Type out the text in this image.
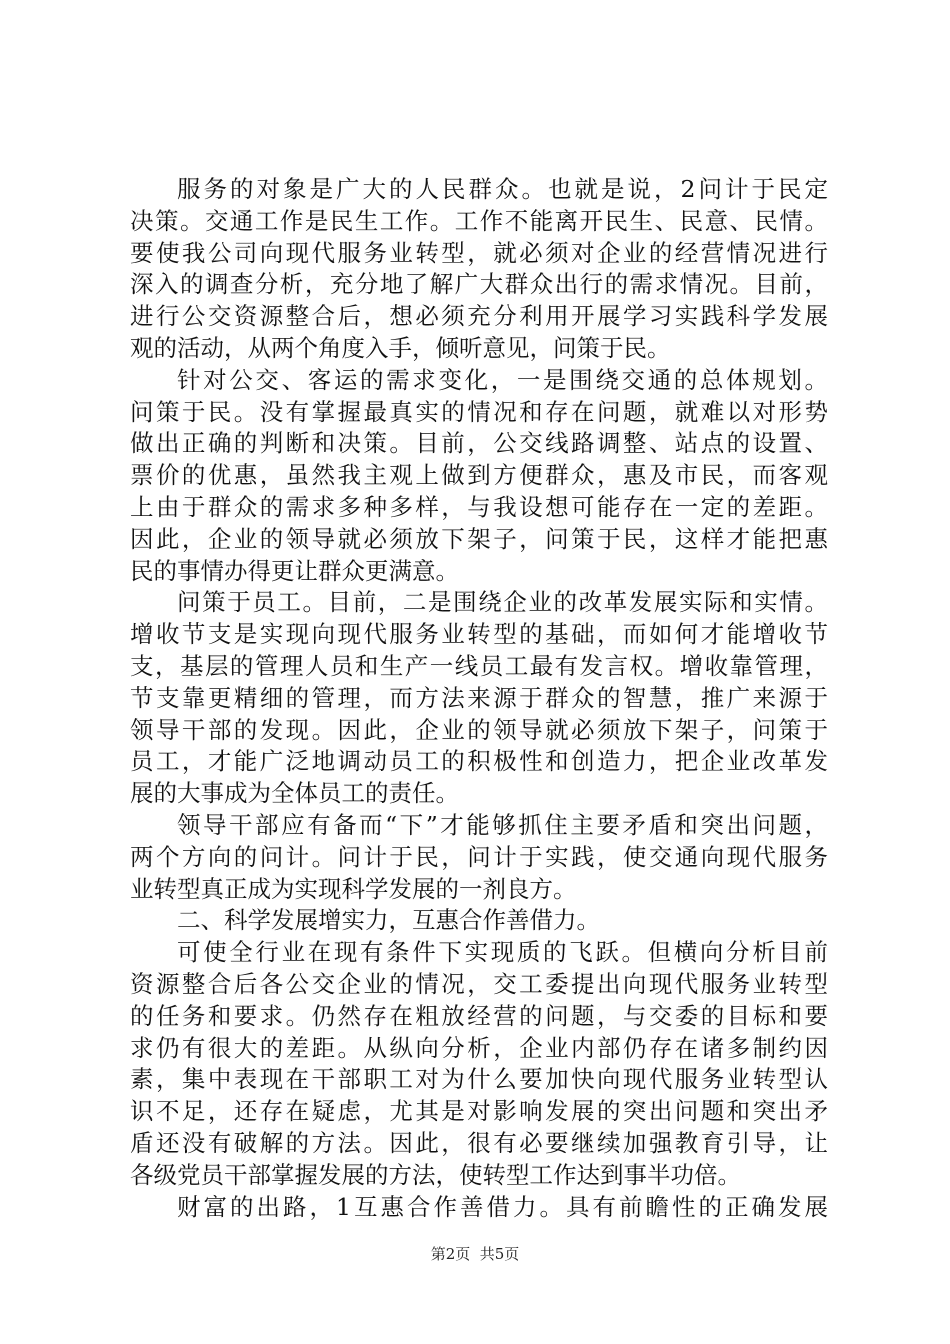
服务的对象是广大的人民群众。也就是说，2问计于民定
决策。交通工作是民生工作。工作不能离开民生、民意、民情。
要使我公司向现代服务业转型，就必须对企业的经营情况进行
深入的调查分析，充分地了解广大群众出行的需求情况。目前，
进行公交资源整合后，想必须充分利用开展学习实践科学发展
观的活动，从两个角度入手，倾听意见，问策于民。
针对公交、客运的需求变化，一是围绕交通的总体规划。
问策于民。没有掌握最真实的情况和存在问题，就难以对形势
做出正确的判断和决策。目前，公交线路调整、站点的设置、
票价的优惠，虽然我主观上做到方便群众，惠及市民，而客观
上由于群众的需求多种多样，与我设想可能存在一定的差距。
因此，企业的领导就必须放下架子，问策于民，这样才能把惠
民的事情办得更让群众更满意。
问策于员工。目前，二是围绕企业的改革发展实际和实情。
增收节支是实现向现代服务业转型的基础，而如何才能增收节
支，基层的管理人员和生产一线员工最有发言权。增收靠管理，
节支靠更精细的管理，而方法来源于群众的智慧，推广来源于
领导干部的发现。因此，企业的领导就必须放下架子，问策于
员工，才能广泛地调动员工的积极性和创造力，把企业改革发
展的大事成为全体员工的责任。
领导干部应有备而“下”才能够抓住主要矛盾和突出问题，
两个方向的问计。问计于民，问计于实践，使交通向现代服务
业转型真正成为实现科学发展的一剂良方。
二、科学发展增实力，互惠合作善借力。
可使全行业在现有条件下实现质的飞跃。但横向分析目前
资源整合后各公交企业的情况，交工委提出向现代服务业转型
的任务和要求。仍然存在粗放经营的问题，与交委的目标和要
求仍有很大的差距。从纵向分析，企业内部仍存在诸多制约因
素，集中表现在干部职工对为什么要加快向现代服务业转型认
识不足，还存在疑虑，尤其是对影响发展的突出问题和突出矛
盾还没有破解的方法。因此，很有必要继续加强教育引导，让
各级党员干部掌握发展的方法，使转型工作达到事半功倍。
财富的出路，1互惠合作善借力。具有前瞻性的正确发展
第2页  共5页
